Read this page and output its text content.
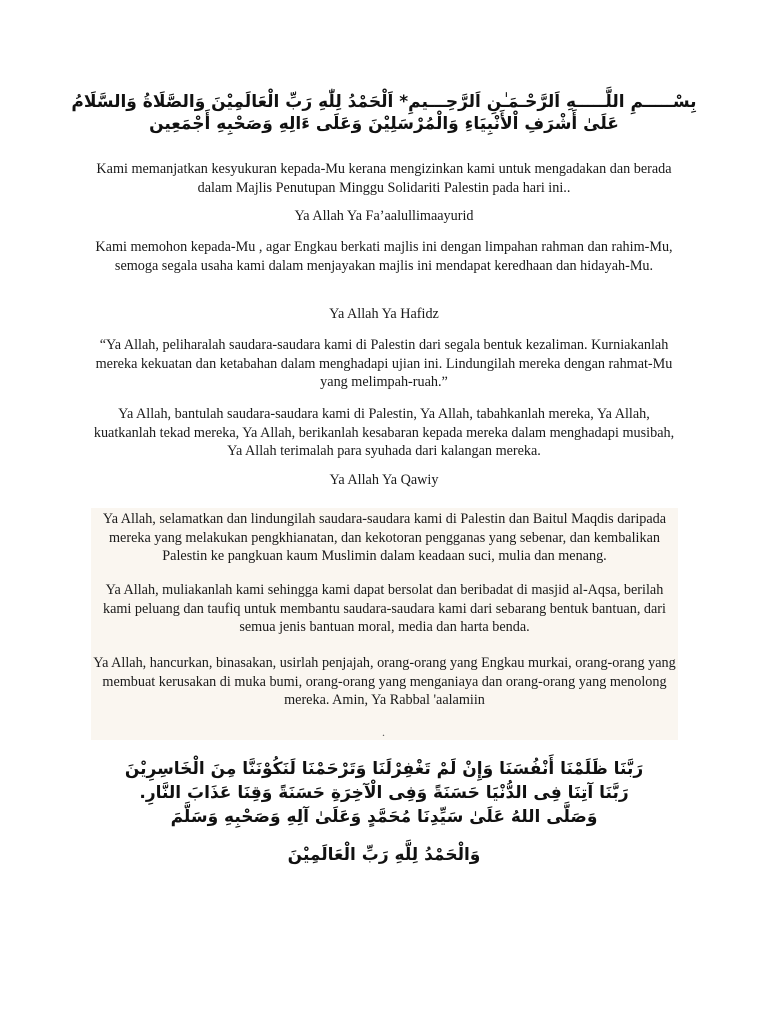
بِسْـــــمِ اللَّـــــهِ اَلرَّحْـمَـٰنِ اَلرَّحِـــيمِ* اَلْحَمْدُ لِلّٰهِ رَبِّ الْعَالَمِيْنَ وَالصَّلَاةُ وَالسَّلَامُ عَلَىٰ أَشْرَفِ اْلأَنْبِيَاءِ وَالْمُرْسَلِيْنَ وَعَلَى ءَالِهِ وَصَحْبِهِ أَجْمَعِين

Kami memanjatkan kesyukuran kepada-Mu kerana mengizinkan kami untuk mengadakan dan berada dalam Majlis Penutupan Minggu Solidariti Palestin pada hari ini..

Ya Allah Ya Fa’aalullimaayurid

Kami memohon kepada-Mu , agar Engkau berkati majlis ini dengan limpahan rahman dan rahim-Mu, semoga segala usaha kami dalam menjayakan majlis ini mendapat keredhaan dan hidayah-Mu.

Ya Allah Ya Hafidz

“Ya Allah, peliharalah saudara-saudara kami di Palestin dari segala bentuk kezaliman. Kurniakanlah mereka kekuatan dan ketabahan dalam menghadapi ujian ini. Lindungilah mereka dengan rahmat-Mu yang melimpah-ruah.”

Ya Allah, bantulah saudara-saudara kami di Palestin, Ya Allah, tabahkanlah mereka, Ya Allah, kuatkanlah tekad mereka, Ya Allah, berikanlah kesabaran kepada mereka dalam menghadapi musibah, Ya Allah terimalah para syuhada dari kalangan mereka.

Ya Allah Ya Qawiy

Ya Allah, selamatkan dan lindungilah saudara-saudara kami di Palestin dan Baitul Maqdis daripada mereka yang melakukan pengkhianatan, dan kekotoran pengganas yang sebenar, dan kembalikan Palestin ke pangkuan kaum Muslimin dalam keadaan suci, mulia dan menang.

Ya Allah, muliakanlah kami sehingga kami dapat bersolat dan beribadat di masjid al-Aqsa, berilah kami peluang dan taufiq untuk membantu saudara-saudara kami dari sebarang bentuk bantuan, dari semua jenis bantuan moral, media dan harta benda.

Ya Allah, hancurkan, binasakan, usirlah penjajah, orang-orang yang Engkau murkai, orang-orang yang membuat kerusakan di muka bumi, orang-orang yang menganiaya dan orang-orang yang menolong mereka. Amin, Ya Rabbal 'aalamiin

.
رَبَّنَا ظَلَمْنَا أَنْفُسَنَا وَإِنْ لَمْ تَغْفِرْلَنَا وَتَرْحَمْنَا لَنَكُوْنَنَّا مِنَ الْخَاسِرِيْنَ
رَبَّنَا آتِنَا فِى الدُّنْيَا حَسَنَةً وَفِى الْآخِرَةِ حَسَنَةً وَقِنَا عَذَابَ النَّارِ.
وَصَلَّى اللهُ عَلَىٰ سَيِّدِنَا مُحَمَّدٍ وَعَلَىٰ آلِهِ وَصَحْبِهِ وَسَلَّمَ
وَالْحَمْدُ لِلَّهِ رَبِّ الْعَالَمِيْنَ
